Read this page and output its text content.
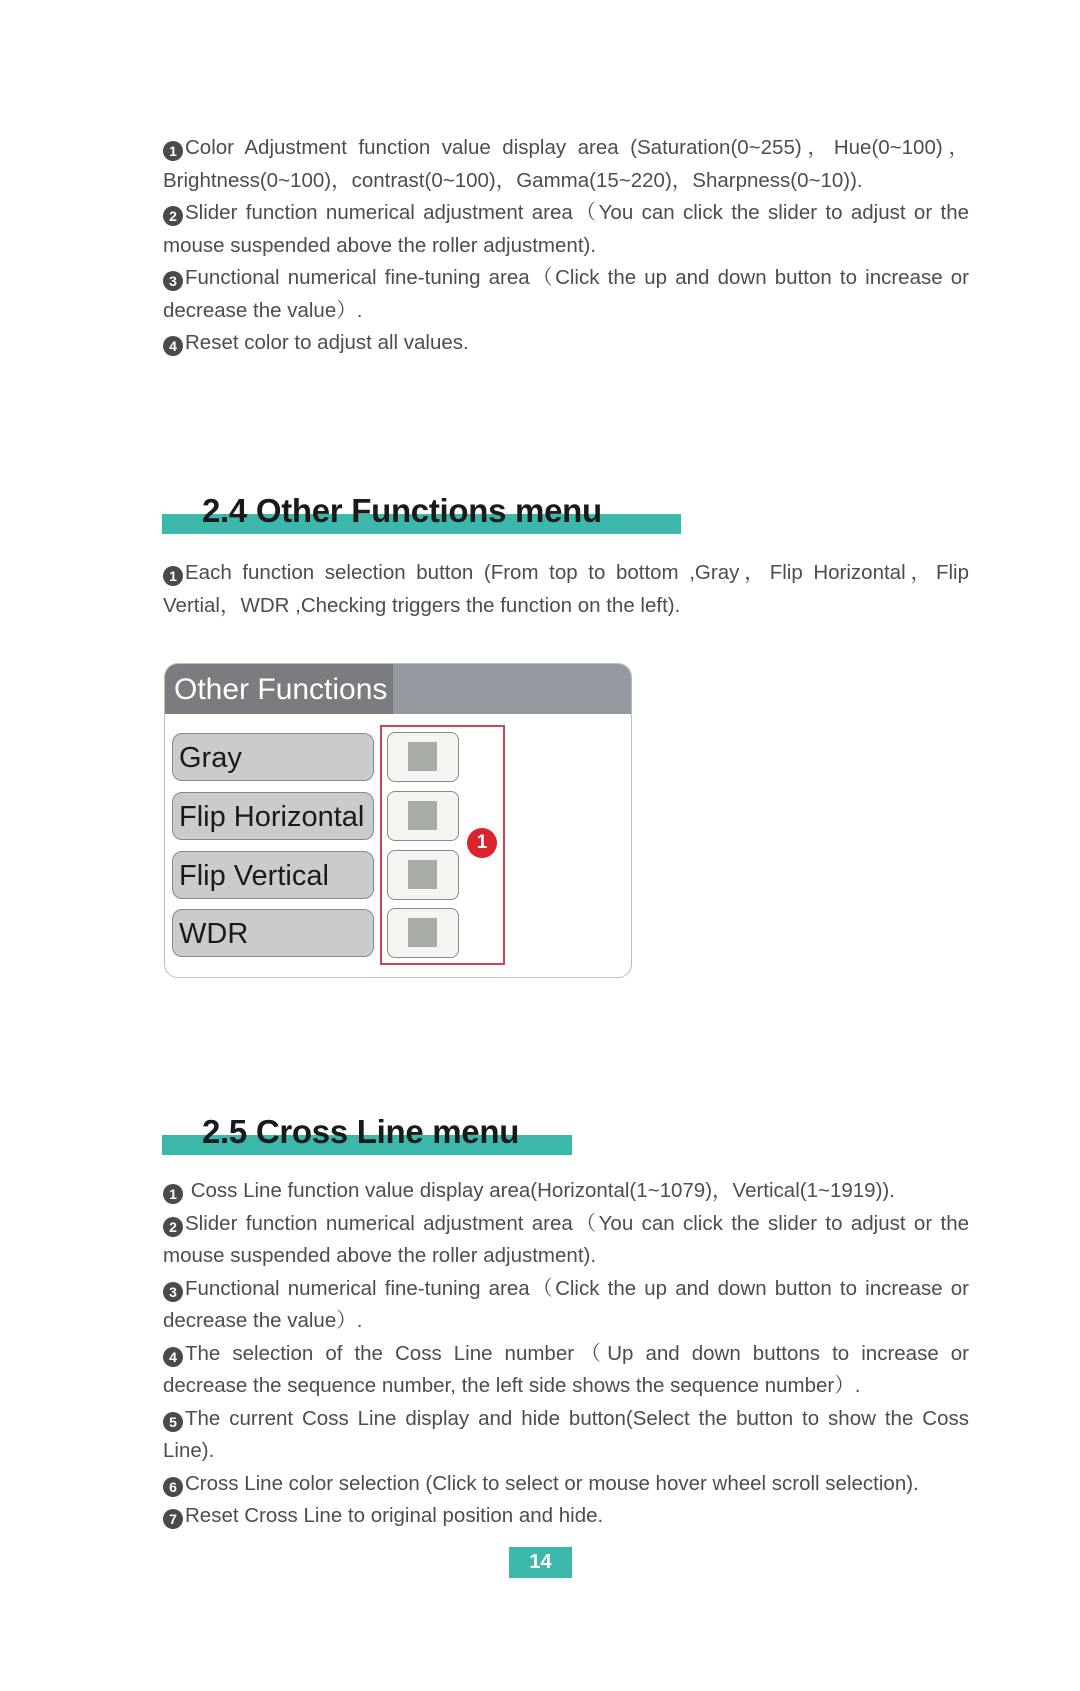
1 Color Adjustment function value display area (Saturation(0~255)，Hue(0~100)，Brightness(0~100)，contrast(0~100)，Gamma(15~220)，Sharpness(0~10)).

2 Slider function numerical adjustment area（You can click the slider to adjust or the mouse suspended above the roller adjustment).

3 Functional numerical fine-tuning area（Click the up and down button to increase or decrease the value）.

4 Reset color to adjust all values.

2.4 Other Functions menu

1 Each function selection button (From top to bottom ,Gray，Flip Horizontal，Flip Vertial，WDR ,Checking triggers the function on the left).

Other Functions
Gray
Flip Horizontal
Flip Vertical
WDR
1
2.5 Cross Line menu

1 Coss Line function value display area(Horizontal(1~1079)，Vertical(1~1919)).

2 Slider function numerical adjustment area（You can click the slider to adjust or the mouse suspended above the roller adjustment).

3 Functional numerical fine-tuning area（Click the up and down button to increase or decrease the value）.

4 The selection of the Coss Line number（Up and down buttons to increase or decrease the sequence number, the left side shows the sequence number）.

5 The current Coss Line display and hide button(Select the button to show the Coss Line).

6 Cross Line color selection (Click to select or mouse hover wheel scroll selection).

7 Reset Cross Line to original position and hide.

14
